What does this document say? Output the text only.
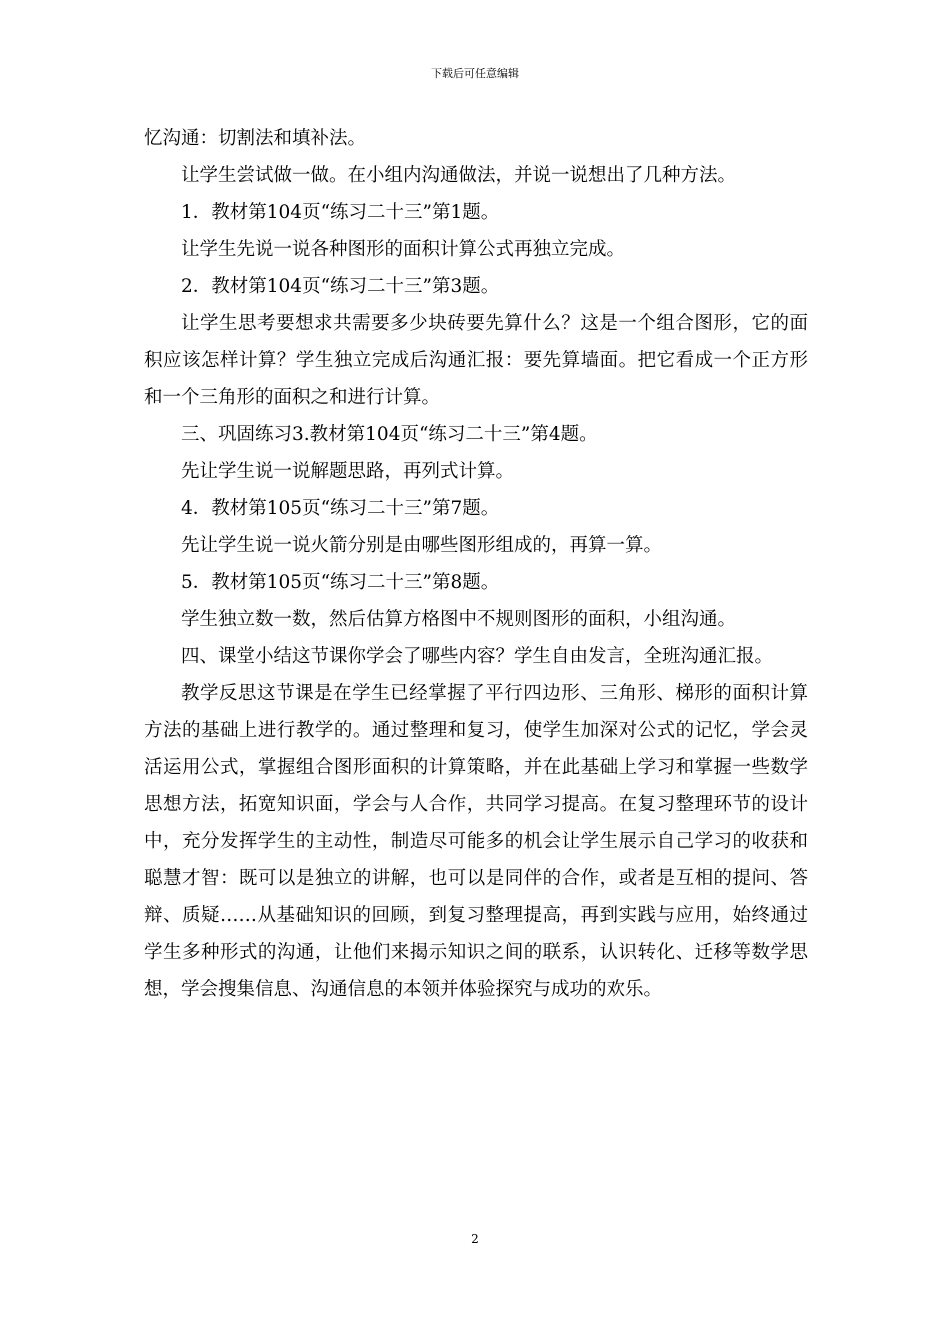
下载后可任意编辑

忆沟通：切割法和填补法。

让学生尝试做一做。在小组内沟通做法，并说一说想出了几种方法。

1．教材第104页“练习二十三”第1题。

让学生先说一说各种图形的面积计算公式再独立完成。

2．教材第104页“练习二十三”第3题。

让学生思考要想求共需要多少块砖要先算什么？这是一个组合图形，它的面积应该怎样计算？学生独立完成后沟通汇报：要先算墙面。把它看成一个正方形和一个三角形的面积之和进行计算。

三、巩固练习3.教材第104页“练习二十三”第4题。

先让学生说一说解题思路，再列式计算。

4．教材第105页“练习二十三”第7题。

先让学生说一说火箭分别是由哪些图形组成的，再算一算。

5．教材第105页“练习二十三”第8题。

学生独立数一数，然后估算方格图中不规则图形的面积，小组沟通。

四、课堂小结这节课你学会了哪些内容？学生自由发言，全班沟通汇报。

教学反思这节课是在学生已经掌握了平行四边形、三角形、梯形的面积计算方法的基础上进行教学的。通过整理和复习，使学生加深对公式的记忆，学会灵活运用公式，掌握组合图形面积的计算策略，并在此基础上学习和掌握一些数学思想方法，拓宽知识面，学会与人合作，共同学习提高。在复习整理环节的设计中，充分发挥学生的主动性，制造尽可能多的机会让学生展示自己学习的收获和聪慧才智：既可以是独立的讲解，也可以是同伴的合作，或者是互相的提问、答辩、质疑……从基础知识的回顾，到复习整理提高，再到实践与应用，始终通过学生多种形式的沟通，让他们来揭示知识之间的联系，认识转化、迁移等数学思想，学会搜集信息、沟通信息的本领并体验探究与成功的欢乐。

2
